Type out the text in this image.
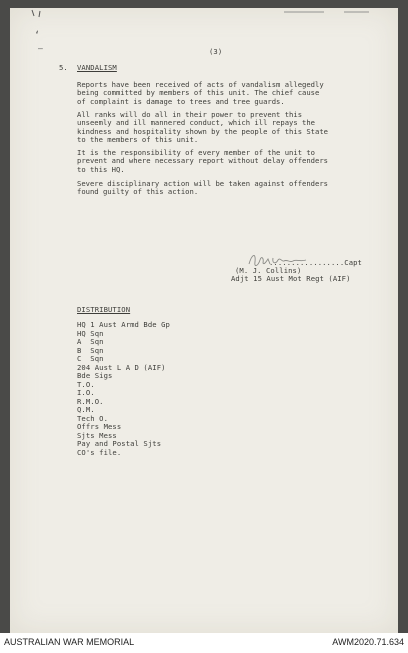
ʻ
—	(3)
5. VANDALISM
Reports have been received of acts of vandalism allegedly
being committed by members of this unit. The chief cause
of complaint is damage to trees and tree guards.
All ranks will do all in their power to prevent this
unseemly and ill mannered conduct, which ill repays the
kindness and hospitality shown by the people of this State
to the members of this unit.
It is the responsibility of every member of the unit to
prevent and where necessary report without delay offenders
to this HQ.
Severe disciplinary action will be taken against offenders
found guilty of this action.
.................Capt
(M. J. Collins)
Adjt 15 Aust Mot Regt (AIF)
DISTRIBUTION
HQ 1 Aust Armd Bde Gp
HQ Sqn
A  Sqn
B  Sqn
C  Sqn
204 Aust L A D (AIF)
Bde Sigs
T.O.
I.O.
R.M.O.
Q.M.
Tech O.
Offrs Mess
Sjts Mess
Pay and Postal Sjts
CO's file.
AUSTRALIAN WAR MEMORIAL	AWM2020.71.634
